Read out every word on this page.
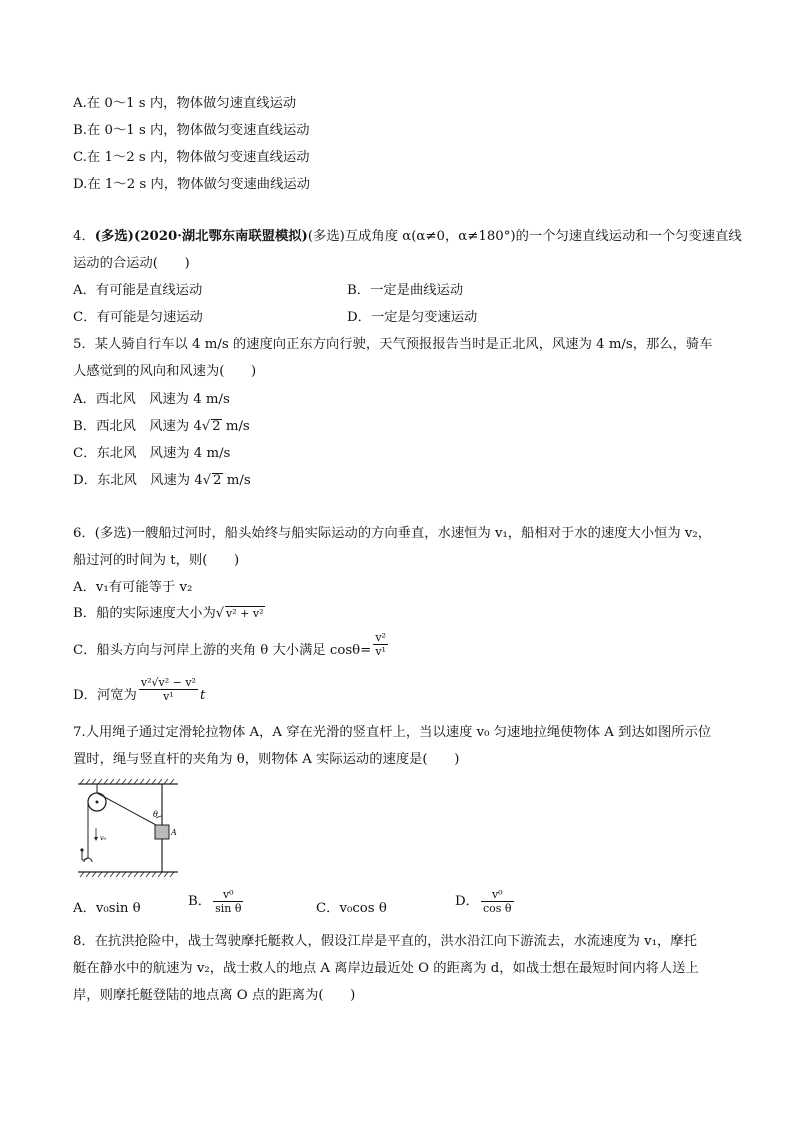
A.在 0～1 s 内，物体做匀速直线运动
B.在 0～1 s 内，物体做匀变速直线运动
C.在 1～2 s 内，物体做匀变速直线运动
D.在 1～2 s 内，物体做匀变速曲线运动
4．(多选)(2020·湖北鄂东南联盟模拟)(多选)互成角度 α(α≠0，α≠180°)的一个匀速直线运动和一个匀变速直线
运动的合运动(　　)
A．有可能是直线运动	B．一定是曲线运动
C．有可能是匀速运动	D．一定是匀变速运动
5．某人骑自行车以 4 m/s 的速度向正东方向行驶，天气预报报告当时是正北风，风速为 4 m/s，那么，骑车
人感觉到的风向和风速为(　　)
A．西北风　风速为 4 m/s
B．西北风　风速为 4√ 2 m/s
C．东北风　风速为 4 m/s
D．东北风　风速为 4√ 2 m/s
6．(多选)一艘船过河时，船头始终与船实际运动的方向垂直，水速恒为 v₁，船相对于水的速度大小恒为 v₂，
船过河的时间为 t，则(　　)
A．v₁有可能等于 v₂
B．船的实际速度大小为√ v² + v²
C．船头方向与河岸上游的夹角 θ 大小满足 $\cos\theta= \frac{\text{v²}}{\text{v¹}}$
D．河宽为 $\frac{\text{v²√v² − v²}}{\text{v¹}}$ t
7.人用绳子通过定滑轮拉物体 A，A 穿在光滑的竖直杆上，当以速度 v₀ 匀速地拉绳使物体 A 到达如图所示位
置时，绳与竖直杆的夹角为 θ，则物体 A 实际运动的速度是(　　)
θ
A
v₀
A．v₀sin θ	B． $\frac{\text{v⁰}}{\text{sin θ}}$	C．v₀cos θ	D． $\frac{\text{v⁰}}{\text{cos θ}}$
8．在抗洪抢险中，战士驾驶摩托艇救人，假设江岸是平直的，洪水沿江向下游流去，水流速度为 v₁，摩托
艇在静水中的航速为 v₂，战士救人的地点 A 离岸边最近处 O 的距离为 d，如战士想在最短时间内将人送上
岸，则摩托艇登陆的地点离 O 点的距离为(　　)
